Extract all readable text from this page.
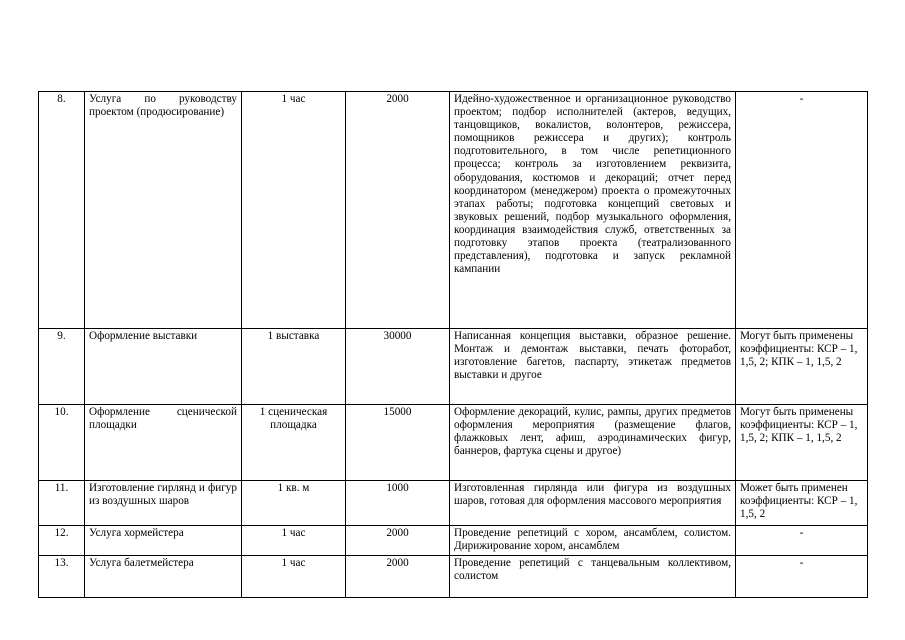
8.	Услуга по руководству проектом (продюсирование)	1 час	2000	Идейно-художественное и организационное руководство проектом; подбор исполнителей (актеров, ведущих, танцовщиков, вокалистов, волонтеров, режиссера, помощников режиссера и других); контроль подготовительного, в том числе репетиционного процесса; контроль за изготовлением реквизита, оборудования, костюмов и декораций; отчет перед координатором (менеджером) проекта о промежуточных этапах работы; подготовка концепций световых и звуковых решений, подбор музыкального оформления, координация взаимодействия служб, ответственных за подготовку этапов проекта (театрализованного представления), подготовка и запуск рекламной кампании	-
9.	Оформление выставки	1 выставка	30000	Написанная концепция выставки, образное решение. Монтаж и демонтаж выставки, печать фоторабот, изготовление багетов, паспарту, этикетаж предметов выставки и другое	Могут быть применены коэффициенты: КСР – 1, 1,5, 2; КПК – 1, 1,5, 2
10.	Оформление сценической площадки	1 сценическая площадка	15000	Оформление декораций, кулис, рампы, других предметов оформления мероприятия (размещение флагов, флажковых лент, афиш, аэродинамических фигур, баннеров, фартука сцены и другое)	Могут быть применены коэффициенты: КСР – 1, 1,5, 2; КПК – 1, 1,5, 2
11.	Изготовление гирлянд и фигур из воздушных шаров	1 кв. м	1000	Изготовленная гирлянда или фигура из воздушных шаров, готовая для оформления массового мероприятия	Может быть применен коэффициенты: КСР – 1, 1,5, 2
12.	Услуга хормейстера	1 час	2000	Проведение репетиций с хором, ансамблем, солистом. Дирижирование хором, ансамблем	-
13.	Услуга балетмейстера	1 час	2000	Проведение репетиций с танцевальным коллективом, солистом	-
